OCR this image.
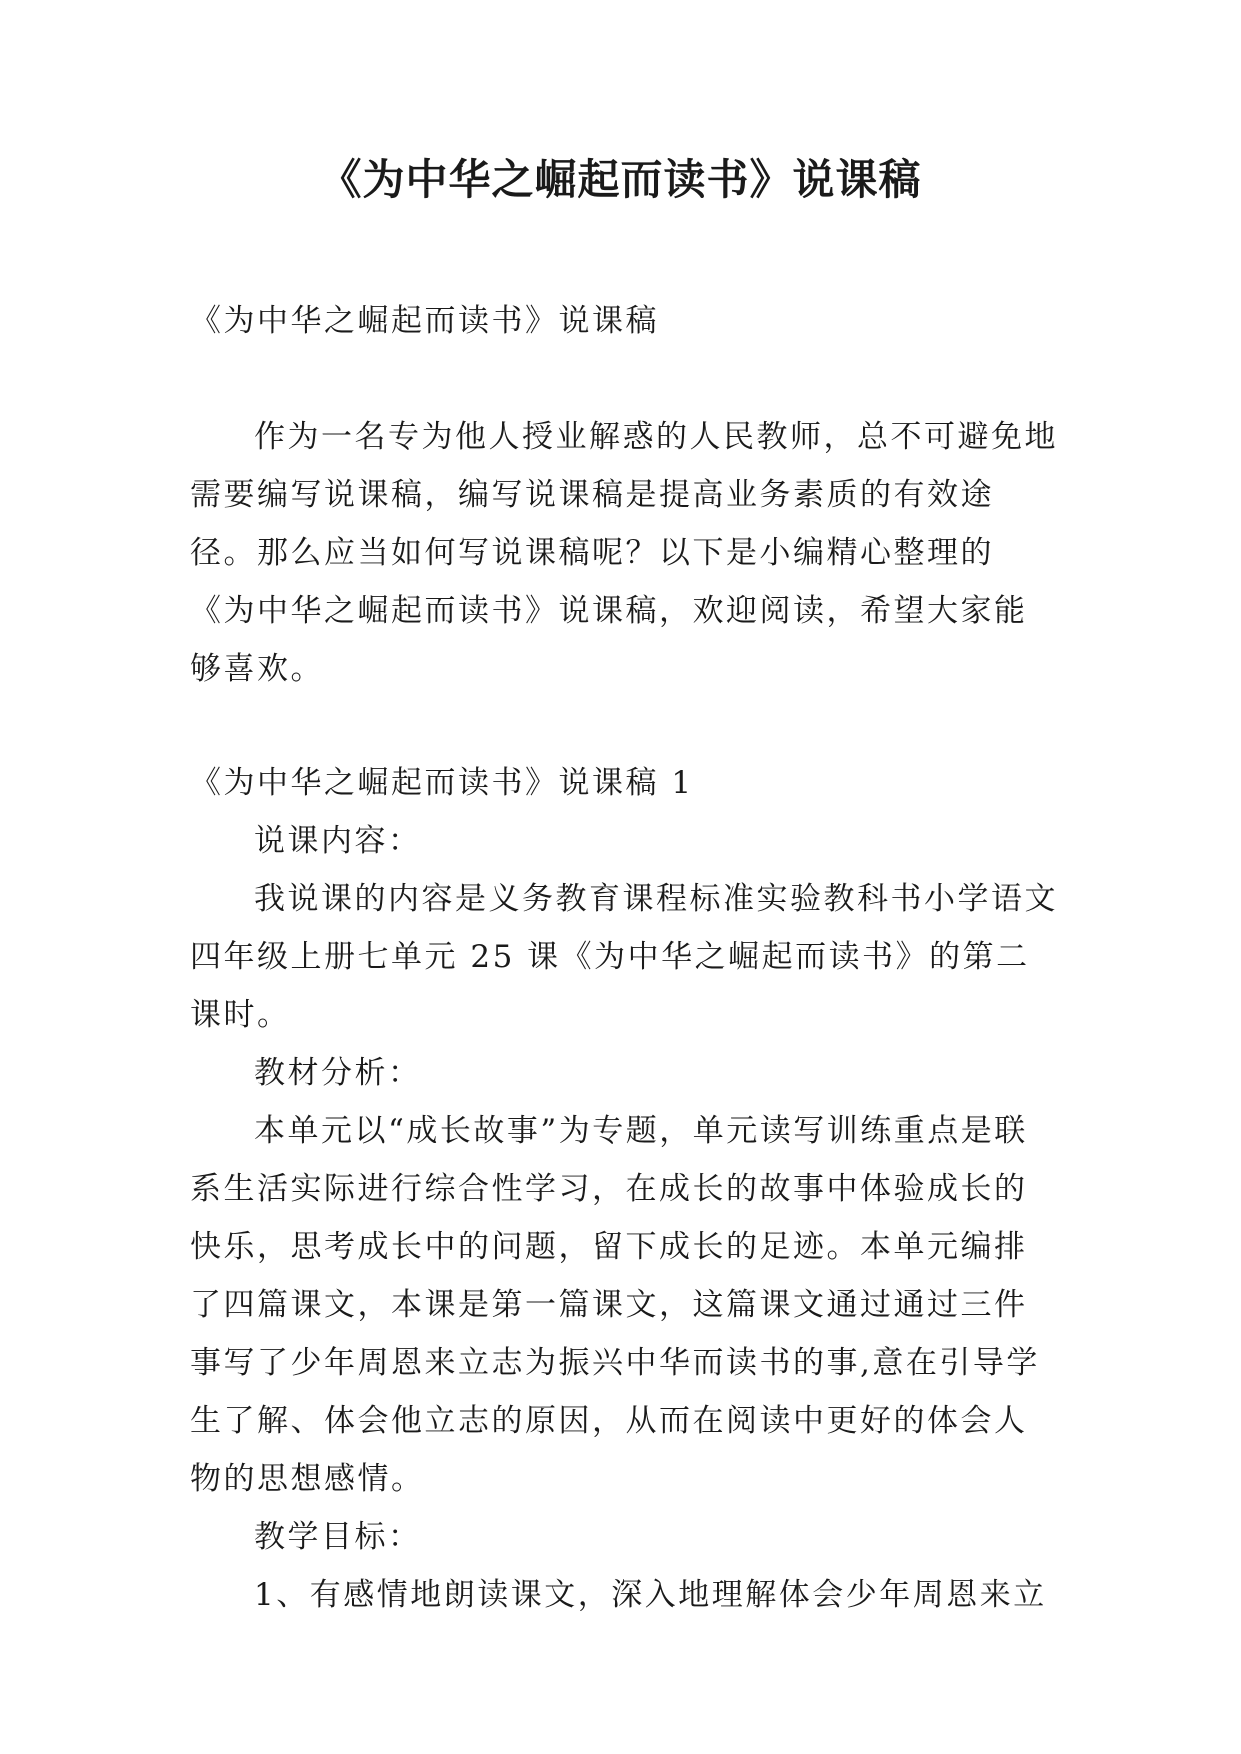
《为中华之崛起而读书》说课稿

《为中华之崛起而读书》说课稿

作为一名专为他人授业解惑的人民教师，总不可避免地需要编写说课稿，编写说课稿是提高业务素质的有效途径。那么应当如何写说课稿呢？以下是小编精心整理的《为中华之崛起而读书》说课稿，欢迎阅读，希望大家能够喜欢。

《为中华之崛起而读书》说课稿 1

说课内容：

我说课的内容是义务教育课程标准实验教科书小学语文四年级上册七单元 25 课《为中华之崛起而读书》的第二课时。

教材分析：

本单元以“成长故事”为专题，单元读写训练重点是联系生活实际进行综合性学习，在成长的故事中体验成长的快乐，思考成长中的问题，留下成长的足迹。本单元编排了四篇课文，本课是第一篇课文，这篇课文通过通过三件事写了少年周恩来立志为振兴中华而读书的事,意在引导学生了解、体会他立志的原因，从而在阅读中更好的体会人物的思想感情。

教学目标：

1、有感情地朗读课文，深入地理解体会少年周恩来立
